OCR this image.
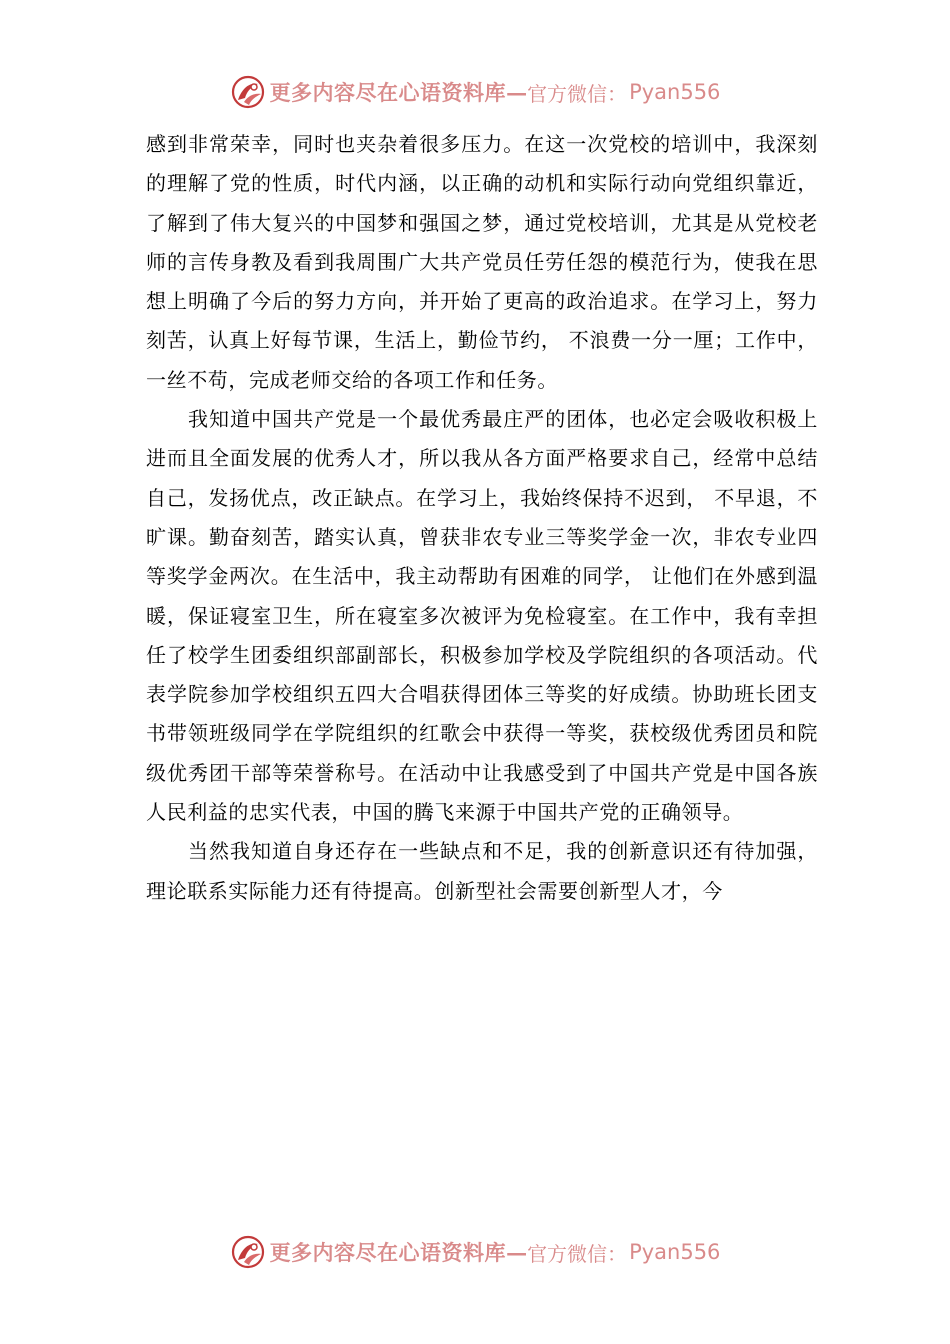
更多内容尽在心语资料库 — 官方微信： Pyan556

感到非常荣幸，同时也夹杂着很多压力。在这一次党校的培训中，我深刻的理解了党的性质，时代内涵，以正确的动机和实际行动向党组织靠近，了解到了伟大复兴的中国梦和强国之梦，通过党校培训，尤其是从党校老师的言传身教及看到我周围广大共产党员任劳任怨的模范行为，使我在思想上明确了今后的努力方向，并开始了更高的政治追求。在学习上，努力刻苦，认真上好每节课，生活上，勤俭节约， 不浪费一分一厘；工作中，一丝不苟，完成老师交给的各项工作和任务。

我知道中国共产党是一个最优秀最庄严的团体，也必定会吸收积极上进而且全面发展的优秀人才，所以我从各方面严格要求自己，经常中总结自己，发扬优点，改正缺点。在学习上，我始终保持不迟到， 不早退，不旷课。勤奋刻苦，踏实认真，曾获非农专业三等奖学金一次，非农专业四等奖学金两次。在生活中，我主动帮助有困难的同学， 让他们在外感到温暖，保证寝室卫生，所在寝室多次被评为免检寝室。在工作中，我有幸担任了校学生团委组织部副部长，积极参加学校及学院组织的各项活动。代表学院参加学校组织五四大合唱获得团体三等奖的好成绩。协助班长团支书带领班级同学在学院组织的红歌会中获得一等奖，获校级优秀团员和院级优秀团干部等荣誉称号。在活动中让我感受到了中国共产党是中国各族人民利益的忠实代表，中国的腾飞来源于中国共产党的正确领导。

当然我知道自身还存在一些缺点和不足，我的创新意识还有待加强，理论联系实际能力还有待提高。创新型社会需要创新型人才，今

更多内容尽在心语资料库 — 官方微信： Pyan556
